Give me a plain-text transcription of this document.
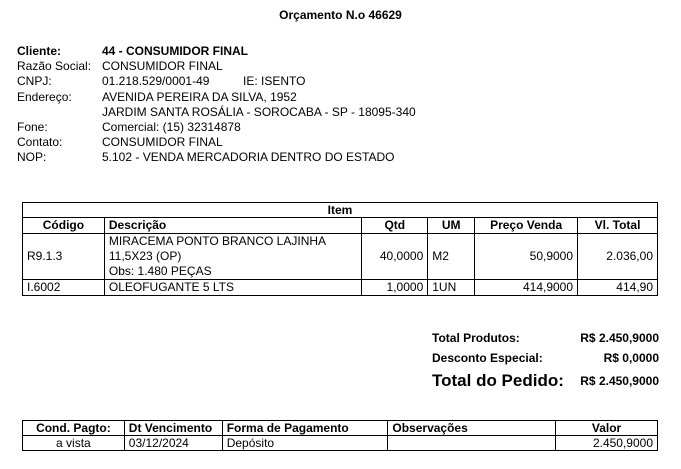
Orçamento N.o 46629
Cliente:	44 - CONSUMIDOR FINAL
Razão Social: CONSUMIDOR FINAL
CNPJ:	01.218.529/0001-49	IE: ISENTO
Endereço:	AVENIDA PEREIRA DA SILVA, 1952
JARDIM SANTA ROSÁLIA - SOROCABA - SP - 18095-340
Fone:	Comercial: (15) 32314878
Contato:	CONSUMIDOR FINAL
NOP:	5.102 - VENDA MERCADORIA DENTRO DO ESTADO
Item					
Código	Descrição	Qtd	UM	Preço Venda	Vl. Total
R9.1.3	MIRACEMA PONTO BRANCO LAJINHA
11,5X23 (OP)
Obs: 1.480 PEÇAS	40,0000	M2	50,9000	2.036,00
I.6002	OLEOFUGANTE 5 LTS	1,0000	1UN	414,9000	414,90
Total Produtos:	R$ 2.450,9000
Desconto Especial:	R$ 0,0000
Total do Pedido: R$ 2.450,9000
Cond. Pagto:	Dt Vencimento	Forma de Pagamento	Observações	Valor
a vista	03/12/2024	Depósito		2.450,9000
